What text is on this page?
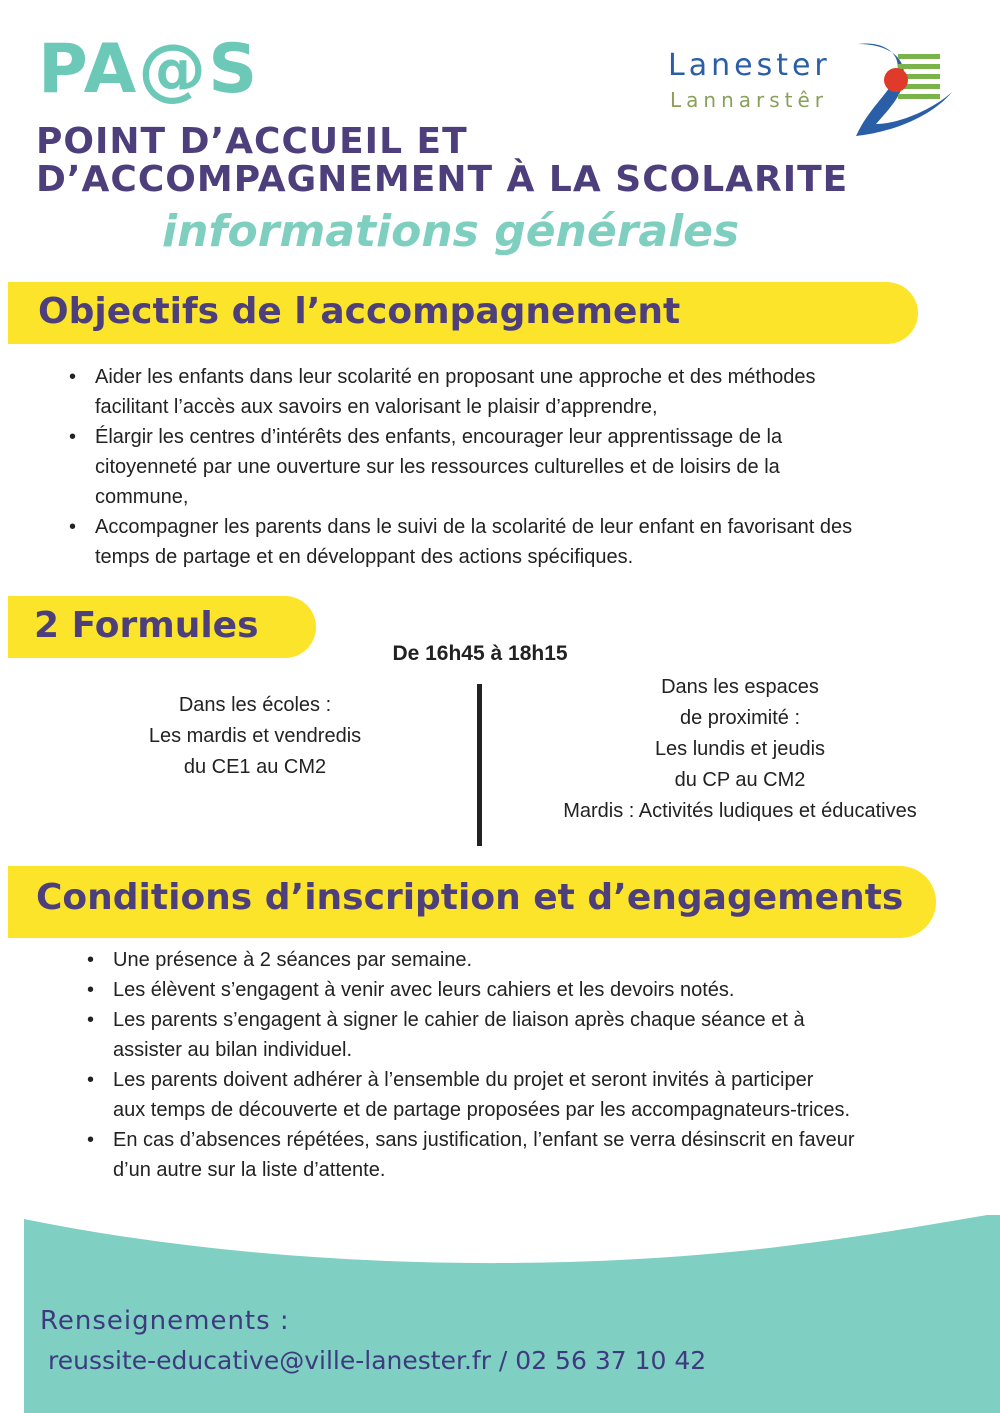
PA@S
POINT D’ACCUEIL ET
D’ACCOMPAGNEMENT À LA SCOLARITE
informations générales
Lanester
Lannarstêr
Objectifs de l’accompagnement
• Aider les enfants dans leur scolarité en proposant une approche et des méthodes
facilitant l’accès aux savoirs en valorisant le plaisir d’apprendre,
• Élargir les centres d’intérêts des enfants, encourager leur apprentissage de la
citoyenneté par une ouverture sur les ressources culturelles et de loisirs de la
commune,
• Accompagner les parents dans le suivi de la scolarité de leur enfant en favorisant des
temps de partage et en développant des actions spécifiques.
2 Formules

De 16h45 à 18h15

Dans les écoles :

Les mardis et vendredis

du CE1 au CM2

Dans les espaces

de proximité :

Les lundis et jeudis

du CP au CM2

Mardis : Activités ludiques et éducatives

Conditions d’inscription et d’engagements
• Une présence à 2 séances par semaine.
• Les élèvent s’engagent à venir avec leurs cahiers et les devoirs notés.
• Les parents s’engagent à signer le cahier de liaison après chaque séance et à
assister au bilan individuel.
• Les parents doivent adhérer à l’ensemble du projet et seront invités à participer
aux temps de découverte et de partage proposées par les accompagnateurs-trices.
• En cas d’absences répétées, sans justification, l’enfant se verra désinscrit en faveur
d’un autre sur la liste d’attente.
Renseignements :
reussite-educative@ville-lanester.fr / 02 56 37 10 42
